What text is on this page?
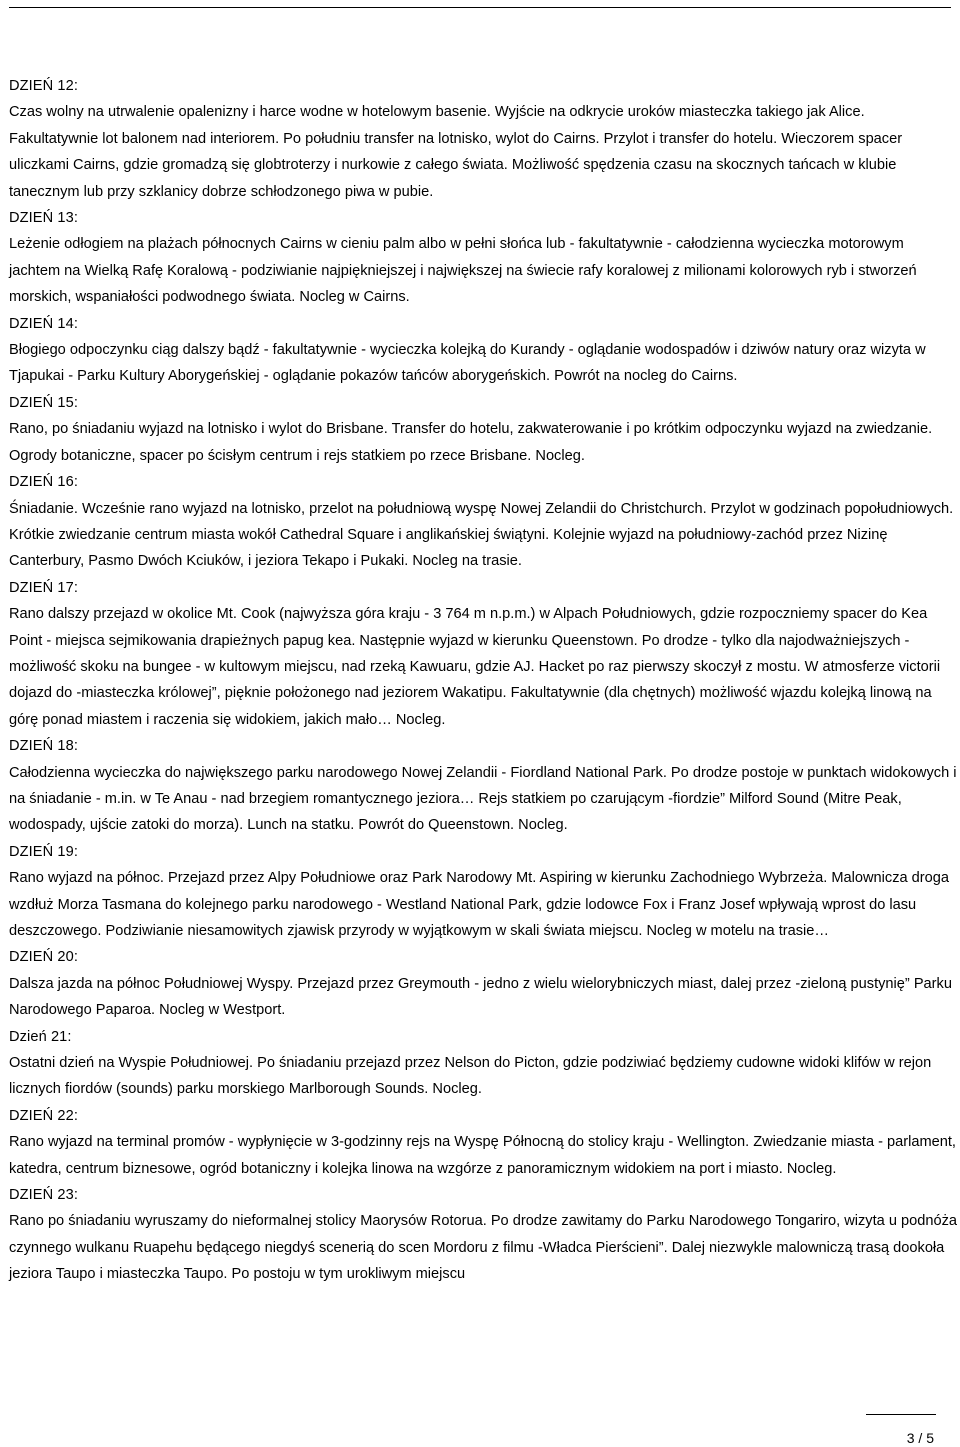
DZIEŃ 12:

Czas wolny na utrwalenie opalenizny i harce wodne w hotelowym basenie. Wyjście na odkrycie uroków miasteczka takiego jak Alice. Fakultatywnie lot balonem nad interiorem. Po południu transfer na lotnisko, wylot do Cairns. Przylot i transfer do hotelu. Wieczorem spacer uliczkami Cairns, gdzie gromadzą się globtroterzy i nurkowie z całego świata. Możliwość spędzenia czasu na skocznych tańcach w klubie tanecznym lub przy szklanicy dobrze schłodzonego piwa w pubie.

DZIEŃ 13:

Leżenie odłogiem na plażach północnych Cairns w cieniu palm albo w pełni słońca lub - fakultatywnie - całodzienna wycieczka motorowym jachtem na Wielką Rafę Koralową - podziwianie najpiękniejszej i największej na świecie rafy koralowej z milionami kolorowych ryb i stworzeń morskich, wspaniałości podwodnego świata. Nocleg w Cairns.

DZIEŃ 14:

Błogiego odpoczynku ciąg dalszy bądź - fakultatywnie - wycieczka kolejką do Kurandy - oglądanie wodospadów i dziwów natury oraz wizyta w Tjapukai - Parku Kultury Aborygeńskiej - oglądanie pokazów tańców aborygeńskich. Powrót na nocleg do Cairns.

DZIEŃ 15:

Rano, po śniadaniu wyjazd na lotnisko i wylot do Brisbane. Transfer do hotelu, zakwaterowanie i po krótkim odpoczynku wyjazd na zwiedzanie. Ogrody botaniczne, spacer po ścisłym centrum i rejs statkiem po rzece Brisbane. Nocleg.

DZIEŃ 16:

Śniadanie. Wcześnie rano wyjazd na lotnisko, przelot na południową wyspę Nowej Zelandii do Christchurch. Przylot w godzinach popołudniowych. Krótkie zwiedzanie centrum miasta wokół Cathedral Square i anglikańskiej świątyni. Kolejnie wyjazd na południowy-zachód przez Nizinę Canterbury, Pasmo Dwóch Kciuków, i jeziora Tekapo i Pukaki. Nocleg na trasie.

DZIEŃ 17:

Rano dalszy przejazd w okolice Mt. Cook (najwyższa góra kraju - 3 764 m n.p.m.) w Alpach Południowych, gdzie rozpoczniemy spacer do Kea Point - miejsca sejmikowania drapieżnych papug kea. Następnie wyjazd w kierunku Queenstown. Po drodze - tylko dla najodważniejszych - możliwość skoku na bungee - w kultowym miejscu, nad rzeką Kawuaru, gdzie AJ. Hacket po raz pierwszy skoczył z mostu. W atmosferze victorii dojazd do -miasteczka królowej”, pięknie położonego nad jeziorem Wakatipu. Fakultatywnie (dla chętnych) możliwość wjazdu kolejką linową na górę ponad miastem i raczenia się widokiem, jakich mało… Nocleg.

DZIEŃ 18:

Całodzienna wycieczka do największego parku narodowego Nowej Zelandii - Fiordland National Park. Po drodze postoje w punktach widokowych i na śniadanie - m.in. w Te Anau - nad brzegiem romantycznego jeziora… Rejs statkiem po czarującym -fiordzie” Milford Sound (Mitre Peak, wodospady, ujście zatoki do morza). Lunch na statku. Powrót do Queenstown. Nocleg.

DZIEŃ 19:

Rano wyjazd na północ. Przejazd przez Alpy Południowe oraz Park Narodowy Mt. Aspiring w kierunku Zachodniego Wybrzeża. Malownicza droga wzdłuż Morza Tasmana do kolejnego parku narodowego - Westland National Park, gdzie lodowce Fox i Franz Josef wpływają wprost do lasu deszczowego. Podziwianie niesamowitych zjawisk przyrody w wyjątkowym w skali świata miejscu. Nocleg w motelu na trasie…

DZIEŃ 20:

Dalsza jazda na północ Południowej Wyspy. Przejazd przez Greymouth - jedno z wielu wielorybniczych miast, dalej przez -zieloną pustynię” Parku Narodowego Paparoa. Nocleg w Westport.

Dzień 21:

Ostatni dzień na Wyspie Południowej. Po śniadaniu przejazd przez Nelson do Picton, gdzie podziwiać będziemy cudowne widoki klifów w rejon licznych fiordów (sounds) parku morskiego Marlborough Sounds. Nocleg.

DZIEŃ 22:

Rano wyjazd na terminal promów - wypłynięcie w 3-godzinny rejs na Wyspę Północną do stolicy kraju - Wellington. Zwiedzanie miasta - parlament, katedra, centrum biznesowe, ogród botaniczny i kolejka linowa na wzgórze z panoramicznym widokiem na port i miasto. Nocleg.

DZIEŃ 23:

Rano po śniadaniu wyruszamy do nieformalnej stolicy Maorysów Rotorua. Po drodze zawitamy do Parku Narodowego Tongariro, wizyta u podnóża czynnego wulkanu Ruapehu będącego niegdyś scenerią do scen Mordoru z filmu -Władca Pierścieni”. Dalej niezwykle malowniczą trasą dookoła jeziora Taupo i miasteczka Taupo. Po postoju w tym urokliwym miejscu

3 / 5
